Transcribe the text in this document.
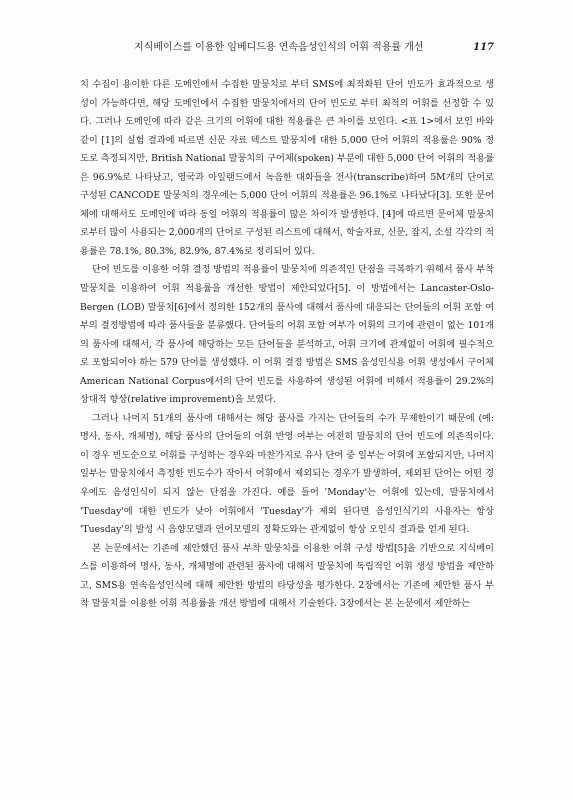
지식베이스를 이용한 임베디드용 연속음성인식의 어휘 적용률 개선	117

치 수집이 용이한 다른 도메인에서 수집한 말뭉치로 부터 SMS에 최적화된 단어 빈도가 효과적으로 생성이 가능하다면, 해당 도메인에서 수집한 말뭉치에서의 단어 빈도로 부터 최적의 어휘를 선정할 수 있다. 그러나 도메인에 따라 같은 크기의 어휘에 대한 적용률은 큰 차이를 보인다. <표 1>에서 보인 바와 같이 [1]의 실험 결과에 따르면 신문 자료 텍스트 말뭉치에 대한 5,000 단어 어휘의 적용률은 90% 정도로 측정되지만, British National 말뭉치의 구어체(spoken) 부분에 대한 5,000 단어 어휘의 적용률은 96.9%로 나타났고, 영국과 아일랜드에서 녹음한 대화들을 전사(transcribe)하여 5M개의 단어로 구성된 CANCODE 말뭉치의 경우에는 5,000 단어 어휘의 적용률은 96.1%로 나타났다[3]. 또한 문어체에 대해서도 도메인에 따라 동일 어휘의 적용률이 많은 차이가 발생한다. [4]에 따르면 문어체 말뭉치로부터 많이 사용되는 2,000개의 단어로 구성된 리스트에 대해서, 학술자료, 신문, 잡지, 소설 각각의 적용률은 78.1%, 80.3%, 82.9%, 87.4%로 정리되어 있다.

단어 빈도를 이용한 어휘 결정 방법의 적용률이 말뭉치에 의존적인 단점을 극복하기 위해서 품사 부착 말뭉치를 이용하여 어휘 적용률을 개선한 방법이 제안되었다[5]. 이 방법에서는 Lancaster-Oslo-Bergen (LOB) 말뭉치[6]에서 정의한 152개의 품사에 대해서 품사에 대응되는 단어들의 어휘 포함 여부의 결정방법에 따라 품사들을 분류했다. 단어들의 어휘 포함 여부가 어휘의 크기에 관련이 없는 101개의 품사에 대해서, 각 품사에 해당하는 모든 단어들을 분석하고, 어휘 크기에 관계없이 어휘에 필수적으로 포함되어야 하는 579 단어를 생성했다. 이 어휘 결정 방법은 SMS 음성인식용 어휘 생성에서 구어체 American National Corpus에서의 단어 빈도를 사용하여 생성된 어휘에 비해서 적용률이 29.2%의 상대적 향상(relative improvement)을 보였다.

그러나 나머지 51개의 품사에 대해서는 해당 품사를 가지는 단어들의 수가 무제한이기 때문에 (예: 명사, 동사, 개체명), 해당 품사의 단어들의 어휘 반영 여부는 여전히 말뭉치의 단어 빈도에 의존적이다. 이 경우 빈도순으로 어휘를 구성하는 경우와 마찬가지로 유사 단어 중 일부는 어휘에 포함되지만, 나머지 일부는 말뭉치에서 측정한 빈도수가 작아서 어휘에서 제외되는 경우가 발생하여, 제외된 단어는 어떤 경우에도 음성인식이 되지 않는 단점을 가진다. 예를 들어 'Monday'는 어휘에 있는데, 말뭉치에서 'Tuesday'에 대한 빈도가 낮아 어휘에서 'Tuesday'가 제외 된다면 음성인식기의 사용자는 항상 'Tuesday'의 발성 시 음향모델과 언어모델의 정확도와는 관계없이 항상 오인식 결과를 얻게 된다.

본 논문에서는 기존에 제안했던 품사 부착 말뭉치를 이용한 어휘 구성 방법[5]을 기반으로 지식베이스를 이용하여 명사, 동사, 개체명에 관련된 품사에 대해서 말뭉치에 독립적인 어휘 생성 방법을 제안하고, SMS용 연속음성인식에 대해 제안한 방법의 타당성을 평가한다. 2장에서는 기존에 제안한 품사 부착 말뭉치를 이용한 어휘 적용률을 개선 방법에 대해서 기술한다. 3장에서는 본 논문에서 제안하는
